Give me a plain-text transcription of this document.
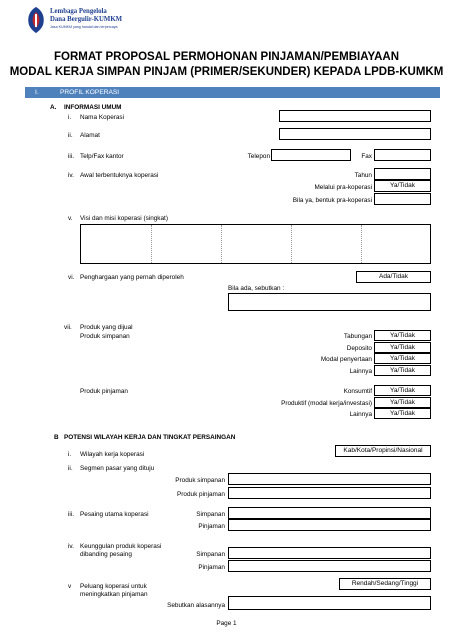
Lembaga Pengelola
Dana Bergulir-KUMKM
Jasa KUMKM yang handal dan terpercaya
FORMAT PROPOSAL PERMOHONAN PINJAMAN/PEMBIAYAAN
MODAL KERJA SIMPAN PINJAM (PRIMER/SEKUNDER) KEPADA LPDB-KUMKM
I.	PROFIL KOPERASI
A. INFORMASI UMUM
i. Nama Koperasi
ii. Alamat
iii. Telp/Fax kantor	Telepon	Fax
iv. Awal terbentuknya koperasi	Tahun
Melalui pra-koperasi	Ya/Tidak
Bila ya, bentuk pra-koperasi
v. Visi dan misi koperasi (singkat)
vi. Penghargaan yang pernah diperoleh	Ada/Tidak
Bila ada, sebutkan :
vii. Produk yang dijual
Produk simpanan	Tabungan	Ya/Tidak
Deposito	Ya/Tidak
Modal penyertaan	Ya/Tidak
Lainnya	Ya/Tidak
Produk pinjaman	Konsumtif	Ya/Tidak
Produktif (modal kerja/investasi)	Ya/Tidak
Lainnya	Ya/Tidak
B POTENSI WILAYAH KERJA DAN TINGKAT PERSAINGAN
i. Wilayah kerja koperasi
Kab/Kota/Propinsi/Nasional
ii. Segmen pasar yang dituju
Produk simpanan
Produk pinjaman
iii. Pesaing utama koperasi	Simpanan
Pinjaman
iv. Keunggulan produk koperasi
dibanding pesaing	Simpanan
Pinjaman
v Peluang koperasi untuk
meningkatkan pinjaman
Rendah/Sedang/Tinggi
Sebutkan alasannya
Page 1
